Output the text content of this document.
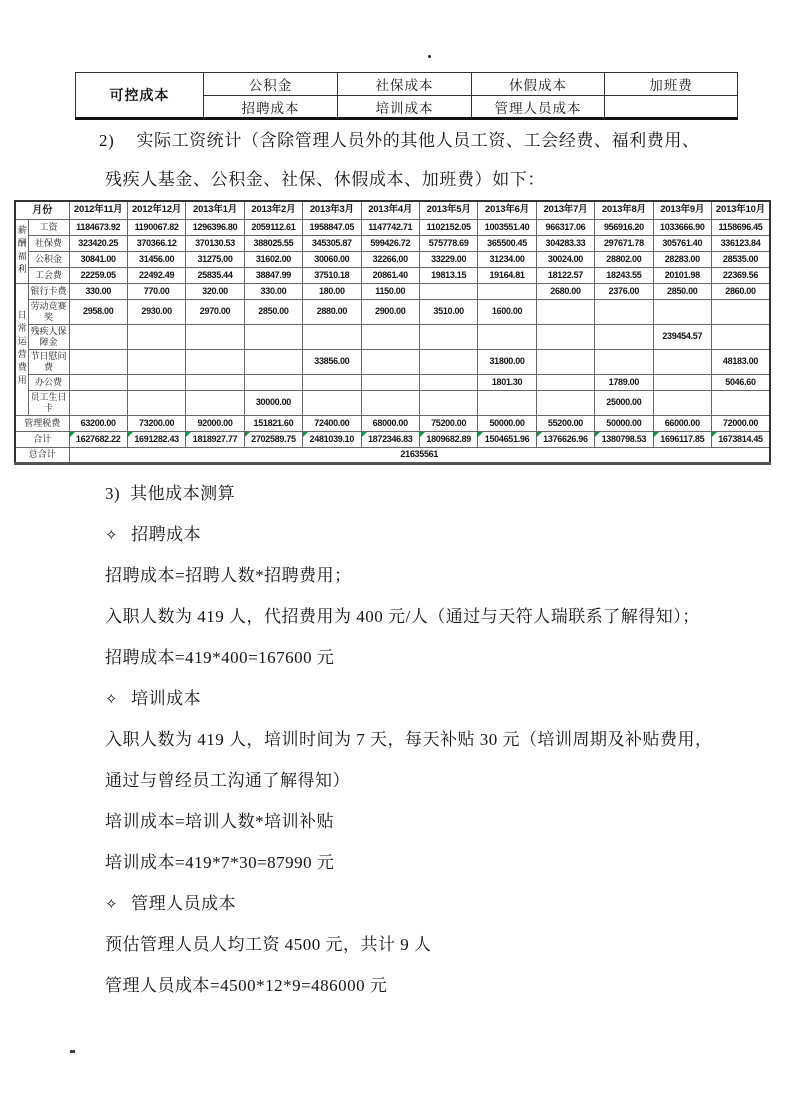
可控成本	公积金	社保成本	休假成本	加班费
	招聘成本	培训成本	管理人员成本	
2) 实际工资统计（含除管理人员外的其他人员工资、工会经费、福利费用、
残疾人基金、公积金、社保、休假成本、加班费）如下：
月份		2012年11月	2012年12月	2013年1月	2013年2月	2013年3月	2013年4月	2013年5月	2013年6月	2013年7月	2013年8月	2013年9月	2013年10月
薪酬福利	工资	1184673.92	1190067.82	1296396.80	2059112.61	1958847.05	1147742.71	1102152.05	1003551.40	966317.06	956916.20	1033666.90	1158696.45
	社保费	323420.25	370366.12	370130.53	388025.55	345305.87	599426.72	575778.69	365500.45	304283.33	297671.78	305761.40	336123.84
	公积金	30841.00	31456.00	31275.00	31602.00	30060.00	32266.00	33229.00	31234.00	30024.00	28802.00	28283.00	28535.00
	工会费	22259.05	22492.49	25835.44	38847.99	37510.18	20861.40	19813.15	19164.81	18122.57	18243.55	20101.98	22369.56
日常运营费用	银行卡费	330.00	770.00	320.00	330.00	180.00	1150.00			2680.00	2376.00	2850.00	2860.00
	劳动竞赛奖	2958.00	2930.00	2970.00	2850.00	2880.00	2900.00	3510.00	1600.00				
	残疾人保障金											239454.57	
	节日慰问费					33856.00			31800.00				48183.00
	办公费								1801.30		1789.00		5046.60
	员工生日卡				30000.00						25000.00		
管理税费		63200.00	73200.00	92000.00	151821.60	72400.00	68000.00	75200.00	50000.00	55200.00	50000.00	66000.00	72000.00
合计		1627682.22	1691282.43	1818927.77	2702589.75	2481039.10	1872346.83	1809682.89	1504651.96	1376626.96	1380798.53	1696117.85	1673814.45
总合计		21635561											

3) 其他成本测算

✧ 招聘成本

招聘成本=招聘人数*招聘费用；

入职人数为 419 人，代招费用为 400 元/人（通过与天符人瑞联系了解得知）；

招聘成本=419*400=167600 元

✧ 培训成本

入职人数为 419 人，培训时间为 7 天，每天补贴 30 元（培训周期及补贴费用，

通过与曾经员工沟通了解得知）

培训成本=培训人数*培训补贴

培训成本=419*7*30=87990 元

✧ 管理人员成本

预估管理人员人均工资 4500 元，共计 9 人

管理人员成本=4500*12*9=486000 元
